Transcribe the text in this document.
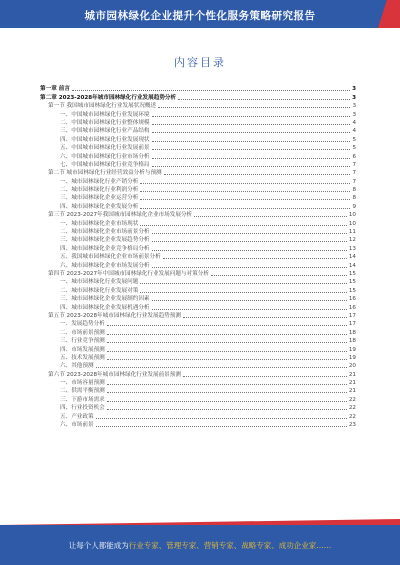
城市园林绿化企业提升个性化服务策略研究报告
内容目录
第一章 前言	3
第二章 2023-2028年城市园林绿化行业发展趋势分析	3
第一节 我国城市园林绿化行业发展状况概述	3
一、中国城市园林绿化行业发展环境	3
二、中国城市园林绿化行业整体规模	4
三、中国城市园林绿化行业产品结构	4
四、中国城市园林绿化行业发展现状	5
五、中国城市园林绿化行业发展前景	5
六、中国城市园林绿化行业市场分析	6
七、中国城市园林绿化行业竞争格局	7
第二节 城市园林绿化行业经营效益分析与预测	7
一、城市园林绿化行业产销分析	7
二、城市园林绿化行业利润分析	8
三、城市园林绿化企业运营分析	8
四、城市园林绿化企业发展分析	9
第三节 2023-2027年我国城市园林绿化企业市场发展分析	10
一、城市园林绿化企业市场现状	10
二、城市园林绿化企业市场前景分析	11
三、城市园林绿化企业发展趋势分析	12
四、城市园林绿化企业竞争格局分析	13
五、我国城市园林绿化企业市场前景分析	14
六、城市园林绿化企业市场发展分析	14
第四节 2023-2027年中国城市园林绿化行业发展问题与对策分析	15
一、城市园林绿化行业发展问题	15
二、城市园林绿化行业发展对策	15
三、城市园林绿化企业发展制约因素	16
四、城市园林绿化企业发展机遇分析	16
第五节 2023-2028年城市园林绿化行业发展趋势预测	17
一、发展趋势分析	17
二、市场前景预测	18
三、行业竞争预测	18
四、市场发展预测	19
五、技术发展预测	19
六、其他预测	20
第六节 2023-2028年城市园林绿化行业发展前景预测	21
一、市场容量预测	21
二、供需平衡预测	21
三、下游市场需求	22
四、行业投资机会	22
五、产业政策	22
六、市场前景	23
让每个人都能成为行业专家、管理专家、营销专家、战略专家、成功企业家……
